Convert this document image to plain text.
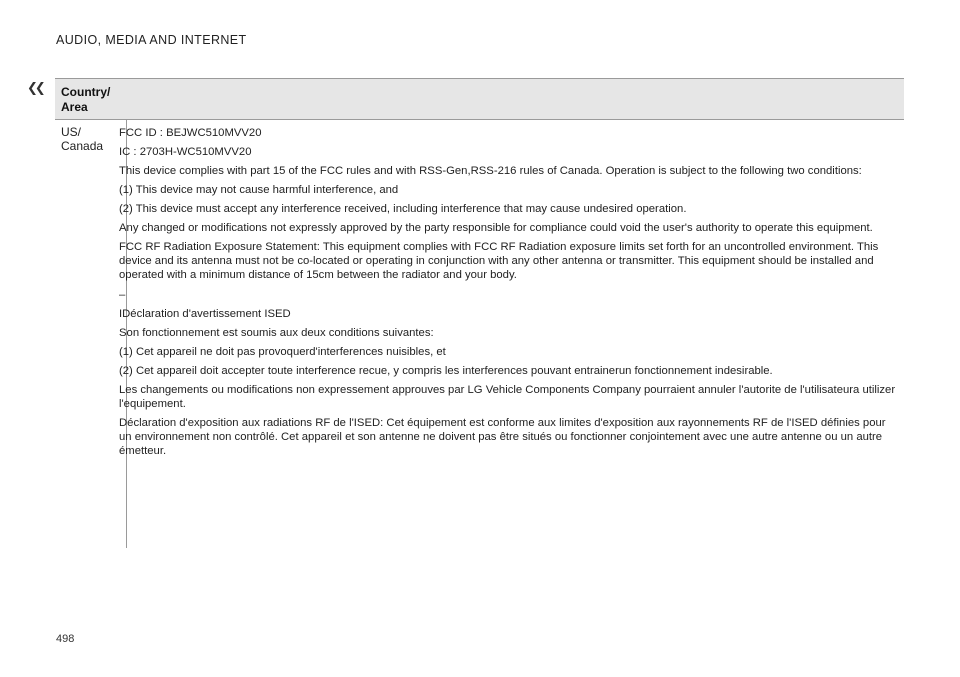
AUDIO, MEDIA AND INTERNET
❮❮ Country/ Area
US/ Canada

FCC ID : BEJWC510MVV20

IC : 2703H-WC510MVV20

This device complies with part 15 of the FCC rules and with RSS-Gen,RSS-216 rules of Canada. Operation is subject to the following two conditions:

(1) This device may not cause harmful interference, and

(2) This device must accept any interference received, including interference that may cause undesired operation.

Any changed or modifications not expressly approved by the party responsible for compliance could void the user's authority to operate this equipment.

FCC RF Radiation Exposure Statement: This equipment complies with FCC RF Radiation exposure limits set forth for an uncontrolled environment. This device and its antenna must not be co-located or operating in conjunction with any other antenna or transmitter. This equipment should be installed and operated with a minimum distance of 15cm between the radiator and your body.

–

IDéclaration d'avertissement ISED

Son fonctionnement est soumis aux deux conditions suivantes:

(1) Cet appareil ne doit pas provoquerd'interferences nuisibles, et

(2) Cet appareil doit accepter toute interference recue, y compris les interferences pouvant entrainerun fonctionnement indesirable.

Les changements ou modifications non expressement approuves par LG Vehicle Components Company pourraient annuler l'autorite de l'utilisateura utilizer l'equipement.

Déclaration d'exposition aux radiations RF de l'ISED: Cet équipement est conforme aux limites d'exposition aux rayonnements RF de l'ISED définies pour un environnement non contrôlé. Cet appareil et son antenne ne doivent pas être situés ou fonctionner conjointement avec une autre antenne ou un autre émetteur.

498
